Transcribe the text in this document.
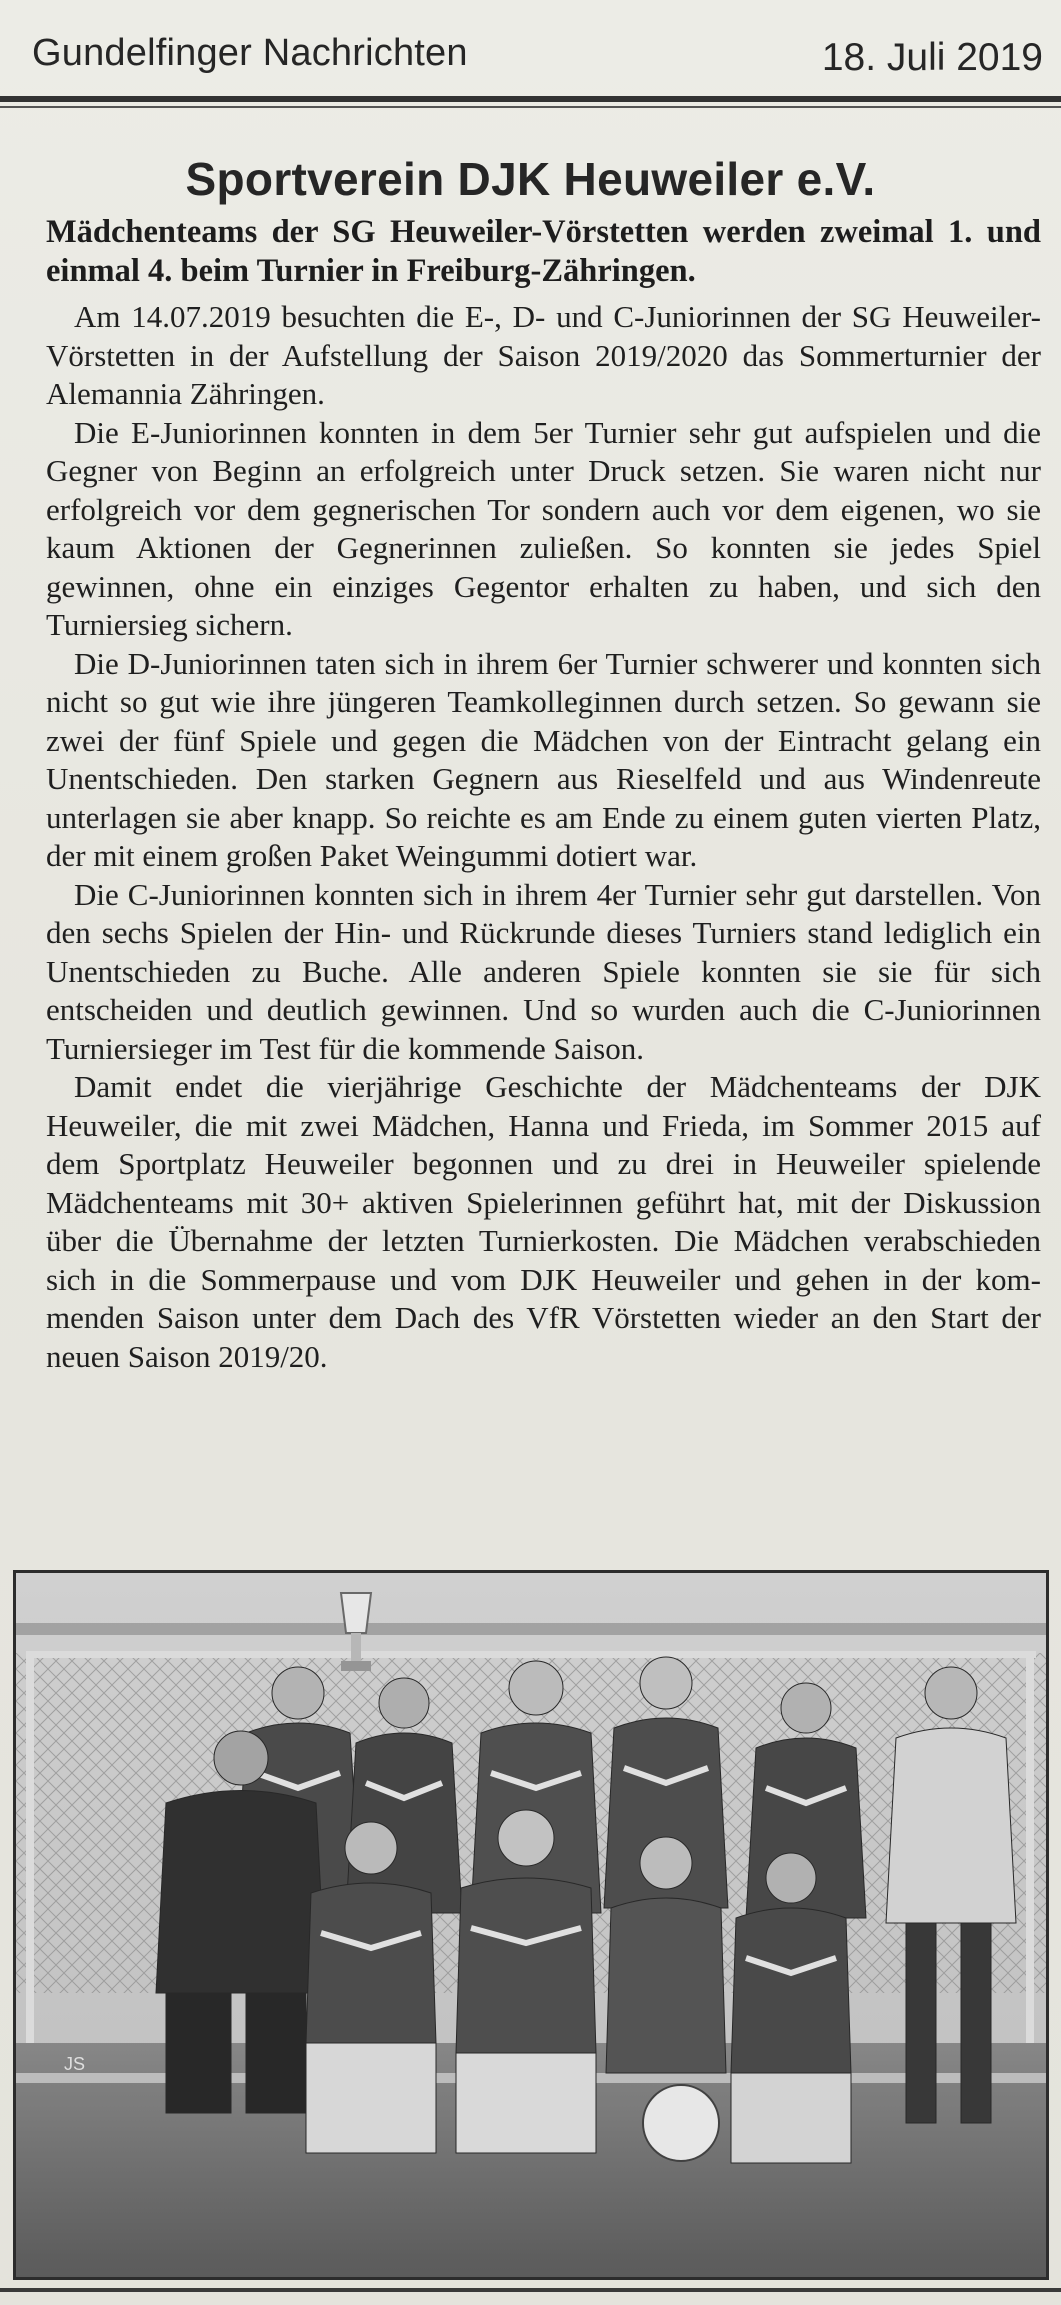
Gundelfinger Nachrichten	18. Juli 2019
Sportverein DJK Heuweiler e.V.
Mädchenteams der SG Heuweiler-Vörstetten werden zweimal 1. und einmal 4. beim Turnier in Freiburg-Zähringen.

Am 14.07.2019 besuchten die E-, D- und C-Juniorinnen der SG Heuweiler-Vörstetten in der Aufstellung der Saison 2019/2020 das Sommerturnier der Alemannia Zähringen.

Die E-Juniorinnen konnten in dem 5er Turnier sehr gut aufspielen und die Gegner von Beginn an erfolgreich unter Druck setzen. Sie waren nicht nur erfolgreich vor dem gegnerischen Tor sondern auch vor dem eigenen, wo sie kaum Aktionen der Gegnerinnen zuließen. So konnten sie jedes Spiel gewinnen, ohne ein einziges Gegentor erhalten zu haben, und sich den Turniersieg sichern.

Die D-Juniorinnen taten sich in ihrem 6er Turnier schwerer und konnten sich nicht so gut wie ihre jüngeren Teamkolleginnen durch setzen. So gewann sie zwei der fünf Spiele und gegen die Mädchen von der Eintracht gelang ein Unentschieden. Den starken Gegnern aus Rieselfeld und aus Windenreute unterlagen sie aber knapp. So reichte es am Ende zu einem guten vierten Platz, der mit einem großen Paket Weingummi dotiert war.

Die C-Juniorinnen konnten sich in ihrem 4er Turnier sehr gut darstellen. Von den sechs Spielen der Hin- und Rückrunde dieses Turniers stand lediglich ein Unentschieden zu Buche. Alle anderen Spiele konnten sie sie für sich entscheiden und deutlich gewinnen. Und so wurden auch die C-Juniorinnen Turniersieger im Test für die kommende Saison.

Damit endet die vierjährige Geschichte der Mädchenteams der DJK Heuweiler, die mit zwei Mädchen, Hanna und Frieda, im Sommer 2015 auf dem Sportplatz Heuweiler begonnen und zu drei in Heuweiler spielende Mädchenteams mit 30+ aktiven Spielerinnen geführt hat, mit der Diskussion über die Übernahme der letzten Turnierkosten. Die Mädchen verabschieden sich in die Sommerpause und vom DJK Heuweiler und gehen in der kommenden Saison unter dem Dach des VfR Vörstetten wieder an den Start der neuen Saison 2019/20.

JS
